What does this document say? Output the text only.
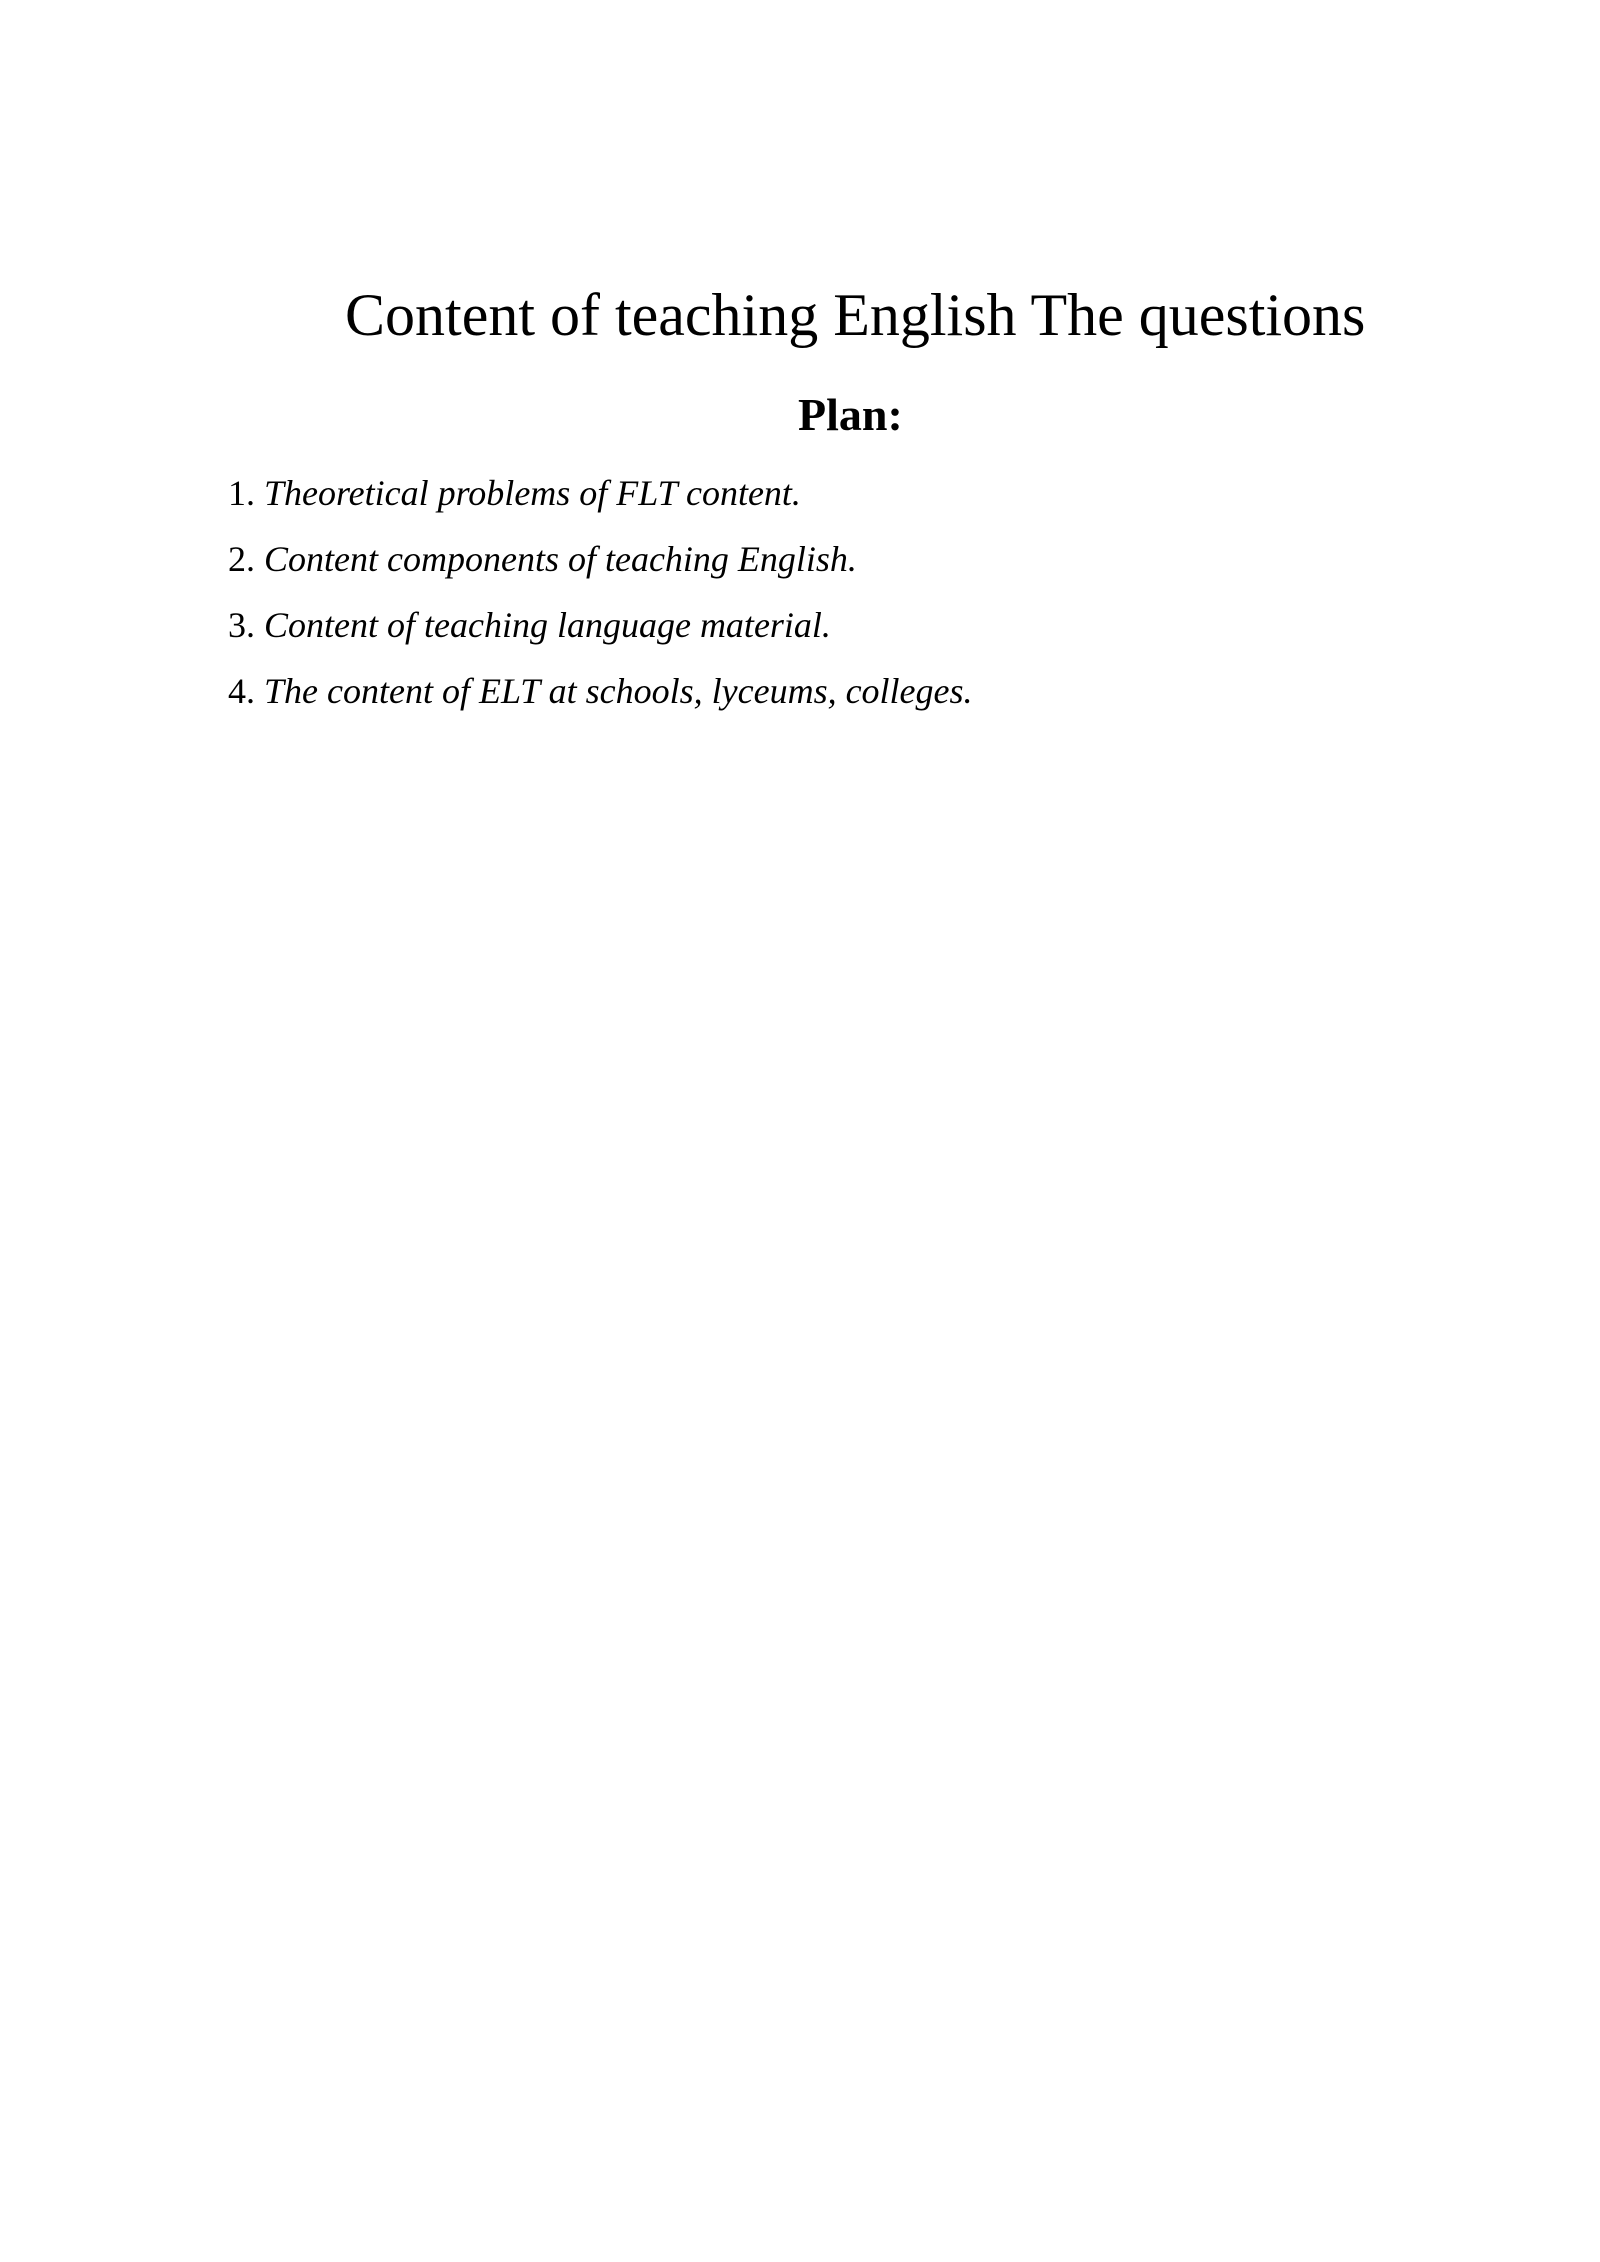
Content of teaching English The questions
Plan:
1. Theoretical problems of FLT content.
2. Content components of teaching English.
3. Content of teaching language material.
4. The content of ELT at schools, lyceums, colleges.
